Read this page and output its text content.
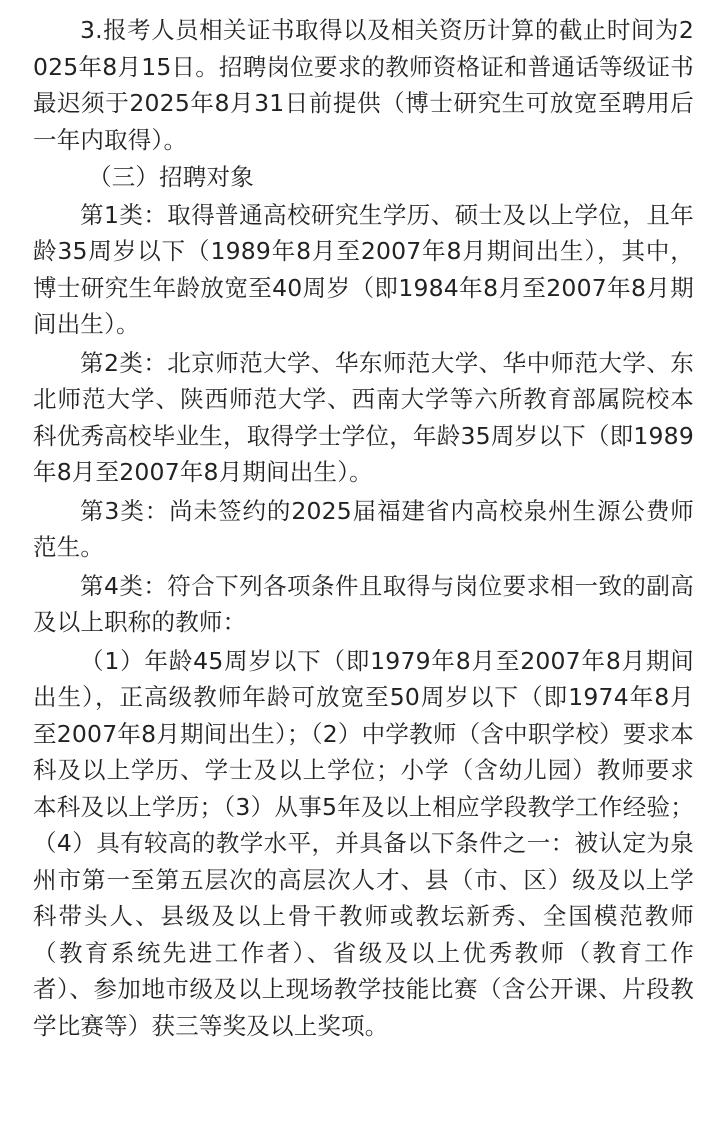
3.报考人员相关证书取得以及相关资历计算的截止时间为2025年8月15日。招聘岗位要求的教师资格证和普通话等级证书最迟须于2025年8月31日前提供（博士研究生可放宽至聘用后一年内取得）。

（三）招聘对象

第1类：取得普通高校研究生学历、硕士及以上学位，且年龄35周岁以下（1989年8月至2007年8月期间出生），其中，博士研究生年龄放宽至40周岁（即1984年8月至2007年8月期间出生）。

第2类：北京师范大学、华东师范大学、华中师范大学、东北师范大学、陕西师范大学、西南大学等六所教育部属院校本科优秀高校毕业生，取得学士学位，年龄35周岁以下（即1989年8月至2007年8月期间出生）。

第3类：尚未签约的2025届福建省内高校泉州生源公费师范生。

第4类：符合下列各项条件且取得与岗位要求相一致的副高及以上职称的教师：

（1）年龄45周岁以下（即1979年8月至2007年8月期间出生），正高级教师年龄可放宽至50周岁以下（即1974年8月至2007年8月期间出生）；（2）中学教师（含中职学校）要求本科及以上学历、学士及以上学位；小学（含幼儿园）教师要求本科及以上学历；（3）从事5年及以上相应学段教学工作经验；（4）具有较高的教学水平，并具备以下条件之一：被认定为泉州市第一至第五层次的高层次人才、县（市、区）级及以上学科带头人、县级及以上骨干教师或教坛新秀、全国模范教师（教育系统先进工作者）、省级及以上优秀教师（教育工作者）、参加地市级及以上现场教学技能比赛（含公开课、片段教学比赛等）获三等奖及以上奖项。
